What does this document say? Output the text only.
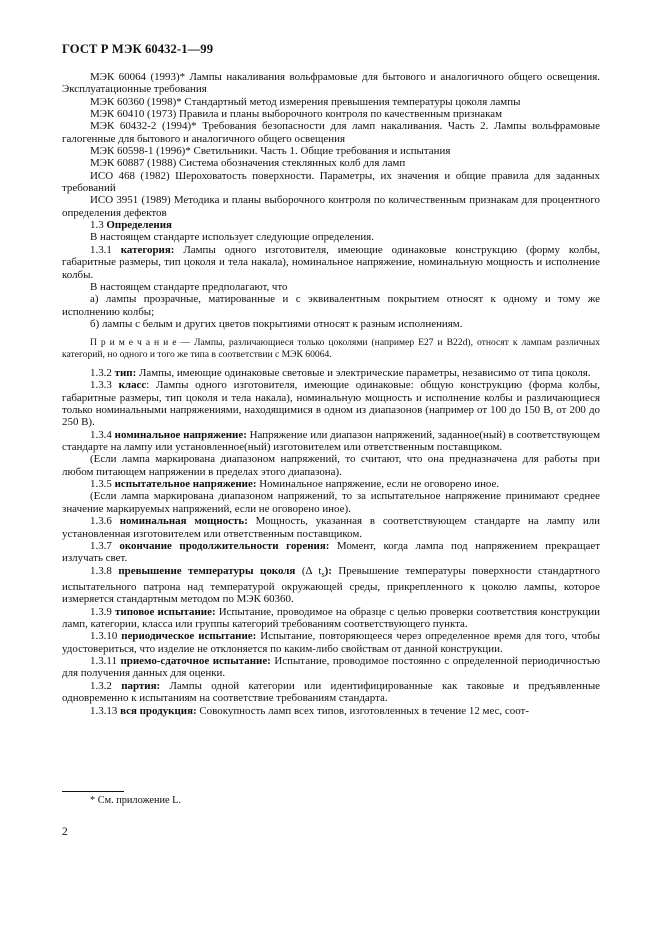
ГОСТ Р МЭК 60432-1—99

МЭК 60064 (1993)* Лампы накаливания вольфрамовые для бытового и аналогичного общего освещения. Эксплуатационные требования

МЭК 60360 (1998)* Стандартный метод измерения превышения температуры цоколя лампы

МЭК 60410 (1973) Правила и планы выборочного контроля по качественным признакам

МЭК 60432-2 (1994)* Требования безопасности для ламп накаливания. Часть 2. Лампы вольфрамовые галогенные для бытового и аналогичного общего освещения

МЭК 60598-1 (1996)* Светильники. Часть 1. Общие требования и испытания

МЭК 60887 (1988) Система обозначения стеклянных колб для ламп

ИСО 468 (1982) Шероховатость поверхности. Параметры, их значения и общие правила для заданных требований

ИСО 3951 (1989) Методика и планы выборочного контроля по количественным признакам для процентного определения дефектов

1.3 Определения

В настоящем стандарте использует следующие определения.

1.3.1 категория: Лампы одного изготовителя, имеющие одинаковые конструкцию (форму колбы, габаритные размеры, тип цоколя и тела накала), номинальное напряжение, номинальную мощность и исполнение колбы.

В настоящем стандарте предполагают, что

а) лампы прозрачные, матированные и с эквивалентным покрытием относят к одному и тому же исполнению колбы;

б) лампы с белым и других цветов покрытиями относят к разным исполнениям.

П р и м е ч а н и е — Лампы, различающиеся только цоколями (например Е27 и В22d), относят к лампам различных категорий, но одного и того же типа в соответствии с МЭК 60064.

1.3.2 тип: Лампы, имеющие одинаковые световые и электрические параметры, независимо от типа цоколя.

1.3.3 класс: Лампы одного изготовителя, имеющие одинаковые: общую конструкцию (форма колбы, габаритные размеры, тип цоколя и тела накала), номинальную мощность и исполнение колбы и различающиеся только номинальными напряжениями, находящимися в одном из диапазонов (например от 100 до 150 В, от 200 до 250 В).

1.3.4 номинальное напряжение: Напряжение или диапазон напряжений, заданное(ный) в соответствующем стандарте на лампу или установленное(ный) изготовителем или ответственным поставщиком.

(Если лампа маркирована диапазоном напряжений, то считают, что она предназначена для работы при любом питающем напряжении в пределах этого диапазона).

1.3.5 испытательное напряжение: Номинальное напряжение, если не оговорено иное.

(Если лампа маркирована диапазоном напряжений, то за испытательное напряжение принимают среднее значение маркируемых напряжений, если не оговорено иное).

1.3.6 номинальная мощность: Мощность, указанная в соответствующем стандарте на лампу или установленная изготовителем или ответственным поставщиком.

1.3.7 окончание продолжительности горения: Момент, когда лампа под напряжением прекращает излучать свет.

1.3.8 превышение температуры цоколя (Δ $t_s$): Превышение температуры поверхности стандартного испытательного патрона над температурой окружающей среды, прикрепленного к цоколю лампы, которое измеряется стандартным методом по МЭК 60360.

1.3.9 типовое испытание: Испытание, проводимое на образце с целью проверки соответствия конструкции ламп, категории, класса или группы категорий требованиям соответствующего пункта.

1.3.10 периодическое испытание: Испытание, повторяющееся через определенное время для того, чтобы удостовериться, что изделие не отклоняется по каким-либо свойствам от данной конструкции.

1.3.11 приемо-сдаточное испытание: Испытание, проводимое постоянно с определенной периодичностью для получения данных для оценки.

1.3.2 партия: Лампы одной категории или идентифицированные как таковые и предъявленные одновременно к испытаниям на соответствие требованиям стандарта.

1.3.13 вся продукция: Совокупность ламп всех типов, изготовленных в течение 12 мес, соот-

* См. приложение L.
2
